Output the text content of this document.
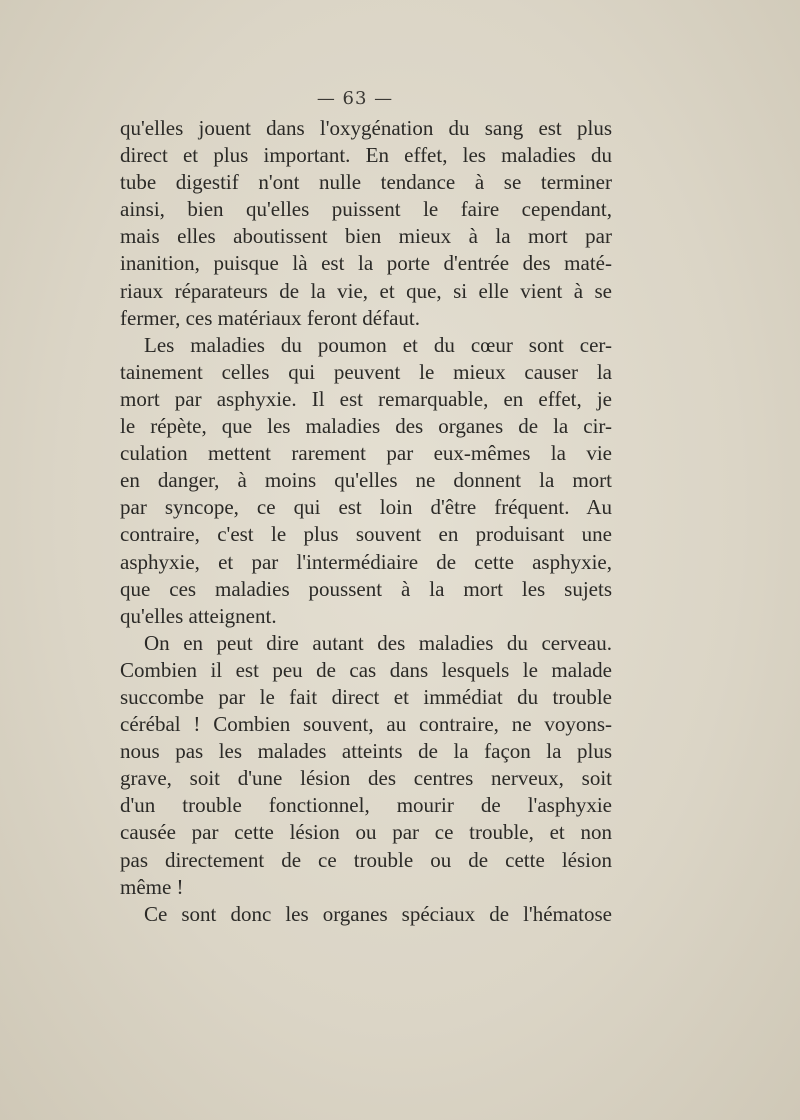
— 63 —
qu'elles jouent dans l'oxygénation du sang est plus
direct et plus important. En effet, les maladies du
tube digestif n'ont nulle tendance à se terminer
ainsi, bien qu'elles puissent le faire cependant,
mais elles aboutissent bien mieux à la mort par
inanition, puisque là est la porte d'entrée des maté-
riaux réparateurs de la vie, et que, si elle vient à se
fermer, ces matériaux feront défaut.
Les maladies du poumon et du cœur sont cer-
tainement celles qui peuvent le mieux causer la
mort par asphyxie. Il est remarquable, en effet, je
le répète, que les maladies des organes de la cir-
culation mettent rarement par eux-mêmes la vie
en danger, à moins qu'elles ne donnent la mort
par syncope, ce qui est loin d'être fréquent. Au
contraire, c'est le plus souvent en produisant une
asphyxie, et par l'intermédiaire de cette asphyxie,
que ces maladies poussent à la mort les sujets
qu'elles atteignent.
On en peut dire autant des maladies du cerveau.
Combien il est peu de cas dans lesquels le malade
succombe par le fait direct et immédiat du trouble
cérébal ! Combien souvent, au contraire, ne voyons-
nous pas les malades atteints de la façon la plus
grave, soit d'une lésion des centres nerveux, soit
d'un trouble fonctionnel, mourir de l'asphyxie
causée par cette lésion ou par ce trouble, et non
pas directement de ce trouble ou de cette lésion
même !
Ce sont donc les organes spéciaux de l'hématose
